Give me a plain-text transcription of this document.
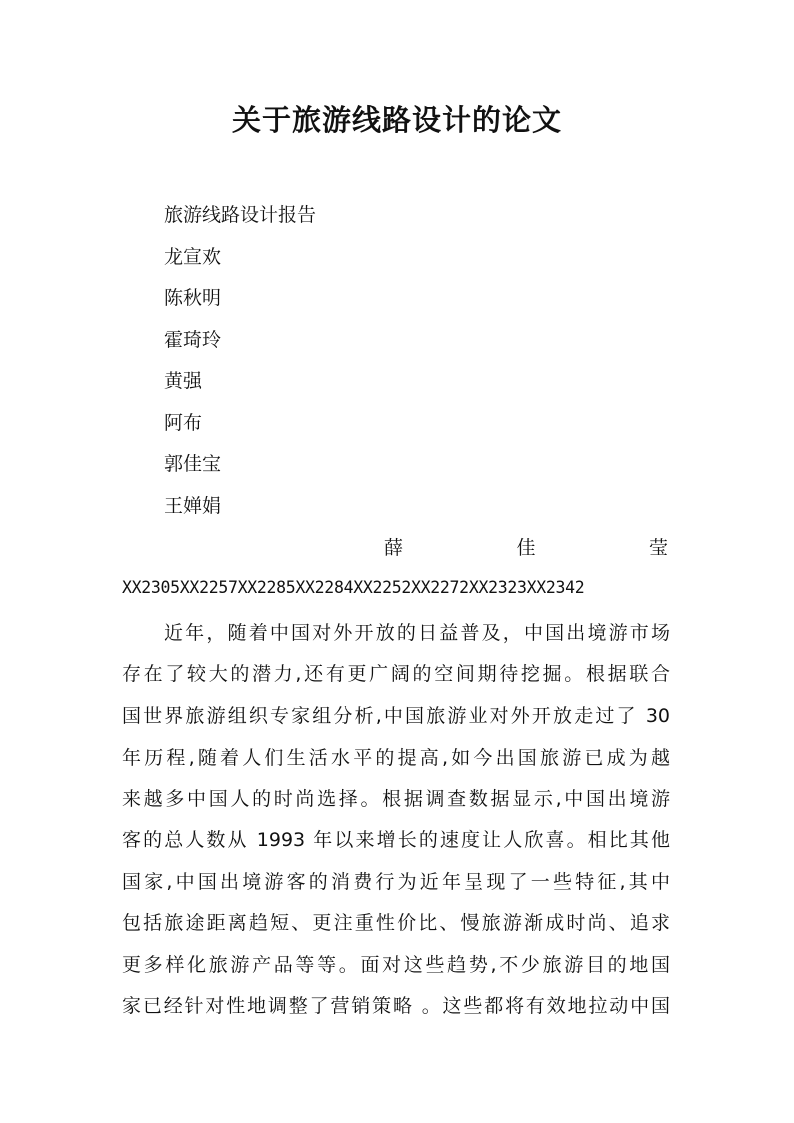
关于旅游线路设计的论文
旅游线路设计报告
龙宣欢
陈秋明
霍琦玲
黄强
阿布
郭佳宝
王婵娟
薛	佳	莹
XX2305XX2257XX2285XX2284XX2252XX2272XX2323XX2342
近年，随着中国对外开放的日益普及，中国出境游市场
存在了较大的潜力,还有更广阔的空间期待挖掘。根据联合
国世界旅游组织专家组分析,中国旅游业对外开放走过了 30
年历程,随着人们生活水平的提高,如今出国旅游已成为越
来越多中国人的时尚选择。根据调查数据显示,中国出境游
客的总人数从 1993 年以来增长的速度让人欣喜。相比其他
国家,中国出境游客的消费行为近年呈现了一些特征,其中
包括旅途距离趋短、更注重性价比、慢旅游渐成时尚、追求
更多样化旅游产品等等。面对这些趋势,不少旅游目的地国
家已经针对性地调整了营销策略 。这些都将有效地拉动中国
